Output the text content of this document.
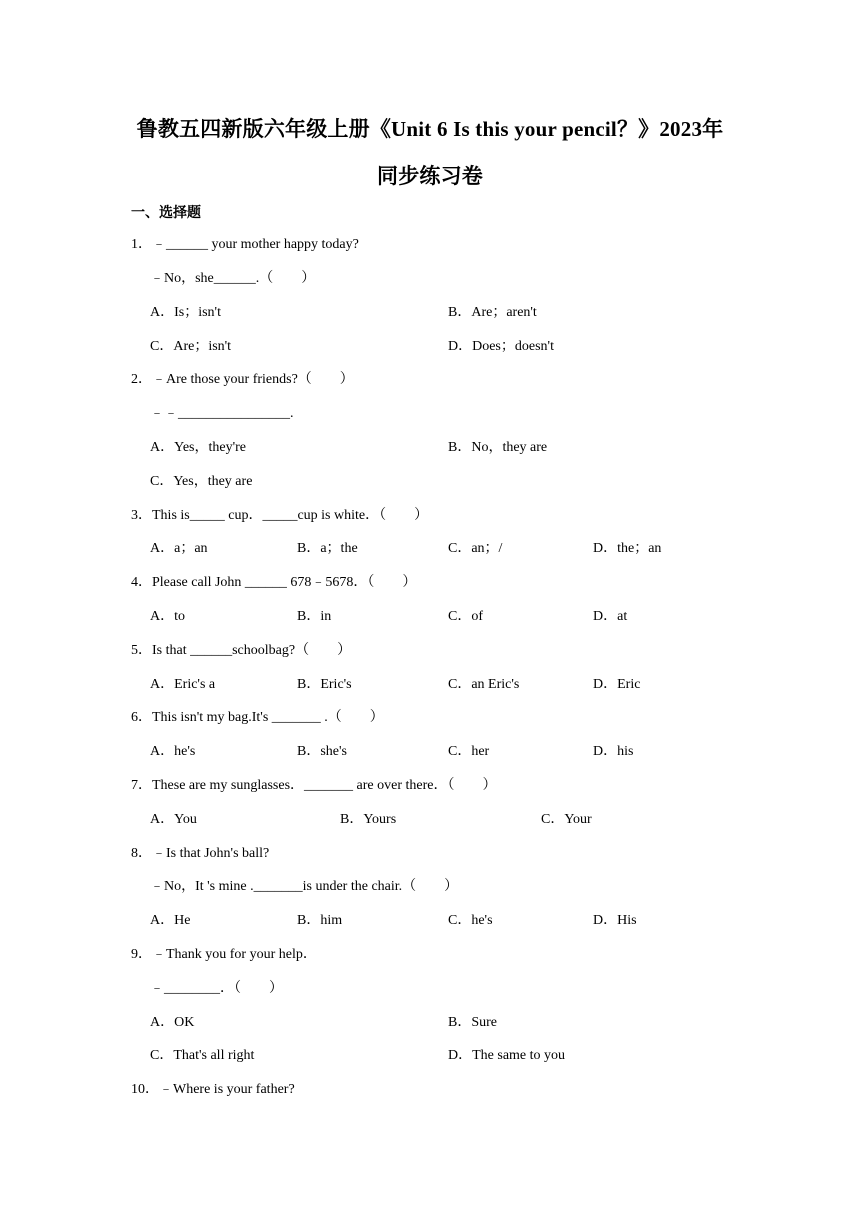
鲁教五四新版六年级上册《Unit 6 Is this your pencil？》2023年
同步练习卷
一、选择题

1．﹣______ your mother happy today?

﹣No，she______.（　　）

A．Is；isn't

	B．Are；aren't

C．Are；isn't

	D．Does；doesn't

2．﹣Are those your friends?（　　）

﹣﹣________________.

A．Yes，they're

	B．No，they are

C．Yes，they are

3．This is_____ cup．_____cup is white．（　　）

A．a；an

	B．a；the

	C．an；/

	D．the；an

4．Please call John ______ 678﹣5678．（　　）

A．to

	B．in

	C．of

	D．at

5．Is that ______schoolbag?（　　）

A．Eric's a

	B．Eric's

	C．an Eric's

	D．Eric

6．This isn't my bag.It's _______ .（　　）

A．he's

	B．she's

	C．her

	D．his

7．These are my sunglasses．_______ are over there．（　　）

A．You

	B．Yours

	C．Your

8．﹣Is that John's ball?

﹣No，It 's mine ._______is under the chair.（　　）

A．He

	B．him

	C．he's

	D．His

9．﹣Thank you for your help．

﹣________．（　　）

A．OK

	B．Sure

C．That's all right

	D．The same to you

10．﹣Where is your father?
